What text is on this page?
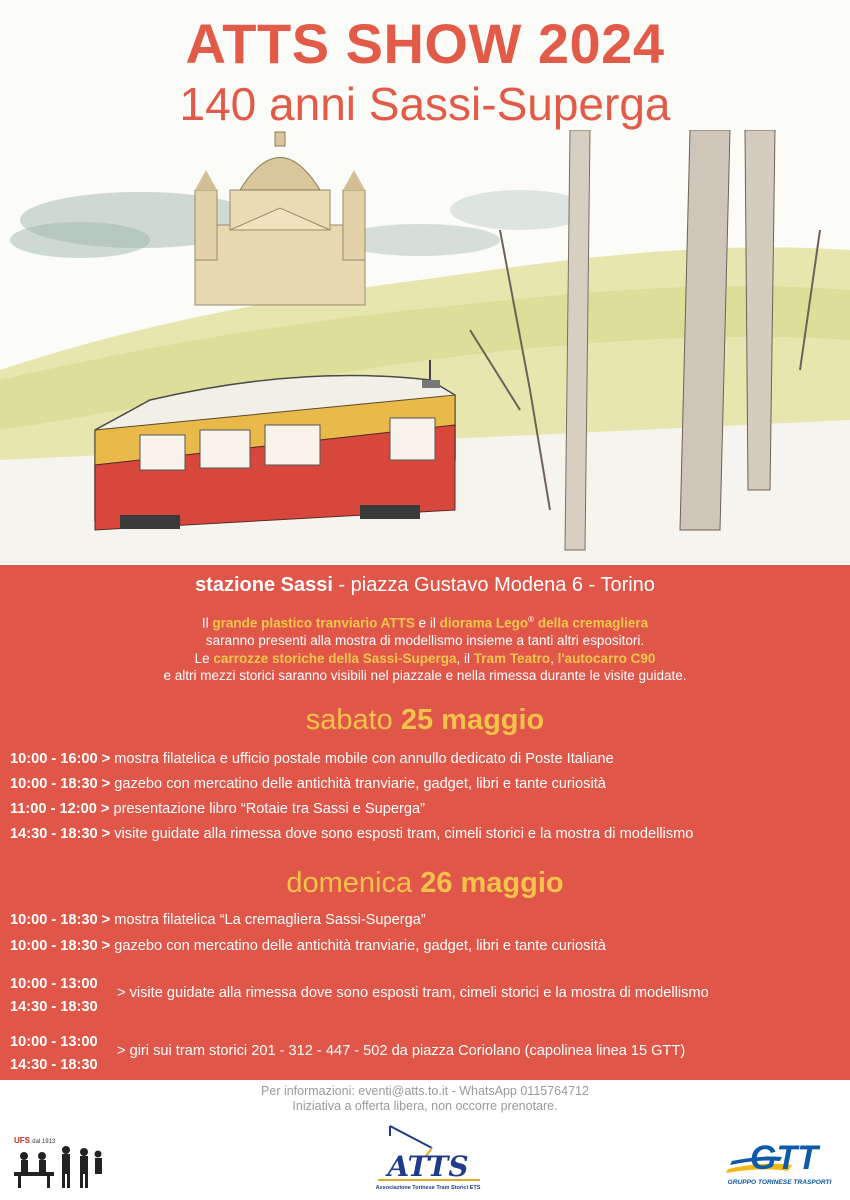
ATTS SHOW 2024
140 anni Sassi-Superga
stazione Sassi - piazza Gustavo Modena 6 - Torino
Il grande plastico tranviario ATTS e il diorama Lego® della cremagliera
saranno presenti alla mostra di modellismo insieme a tanti altri espositori.
Le carrozze storiche della Sassi-Superga, il Tram Teatro, l'autocarro C90
e altri mezzi storici saranno visibili nel piazzale e nella rimessa durante le visite guidate.
sabato 25 maggio
10:00 - 16:00 > mostra filatelica e ufficio postale mobile con annullo dedicato di Poste Italiane
10:00 - 18:30 > gazebo con mercatino delle antichità tranviarie, gadget, libri e tante curiosità
11:00 - 12:00 > presentazione libro “Rotaie tra Sassi e Superga”
14:30 - 18:30 > visite guidate alla rimessa dove sono esposti tram, cimeli storici e la mostra di modellismo
domenica 26 maggio
10:00 - 18:30 > mostra filatelica “La cremagliera Sassi-Superga”
10:00 - 18:30 > gazebo con mercatino delle antichità tranviarie, gadget, libri e tante curiosità
10:00 - 13:00
14:30 - 18:30
> visite guidate alla rimessa dove sono esposti tram, cimeli storici e la mostra di modellismo
10:00 - 13:00
14:30 - 18:30
> giri sui tram storici 201 - 312 - 447 - 502 da piazza Coriolano (capolinea linea 15 GTT)
Per informazioni: eventi@atts.to.it - WhatsApp 0115764712
Iniziativa a offerta libera, non occorre prenotare.
UFS dal 1913
ATTS
Associazione Torinese Tram Storici ETS
GTT
GRUPPO TORINESE TRASPORTI
